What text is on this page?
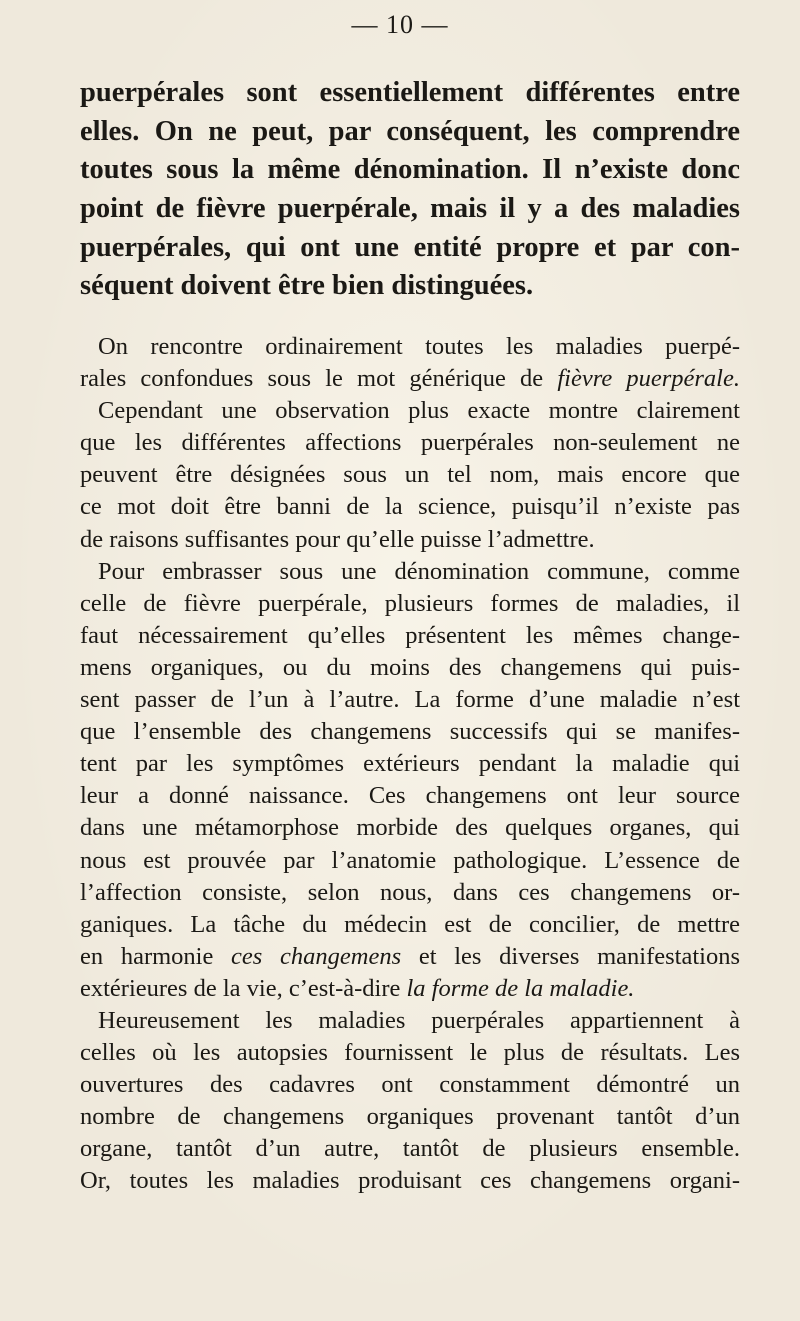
— 10 —
puerpérales sont essentiellement différentes entre
elles. On ne peut, par conséquent, les comprendre
toutes sous la même dénomination. Il n’existe donc
point de fièvre puerpérale, mais il y a des maladies
puerpérales, qui ont une entité propre et par con-
séquent doivent être bien distinguées.
On rencontre ordinairement toutes les maladies puerpé-
rales confondues sous le mot générique de fièvre puerpérale.
Cependant une observation plus exacte montre clairement
que les différentes affections puerpérales non-seulement ne
peuvent être désignées sous un tel nom, mais encore que
ce mot doit être banni de la science, puisqu’il n’existe pas
de raisons suffisantes pour qu’elle puisse l’admettre.
Pour embrasser sous une dénomination commune, comme
celle de fièvre puerpérale, plusieurs formes de maladies, il
faut nécessairement qu’elles présentent les mêmes change-
mens organiques, ou du moins des changemens qui puis-
sent passer de l’un à l’autre. La forme d’une maladie n’est
que l’ensemble des changemens successifs qui se manifes-
tent par les symptômes extérieurs pendant la maladie qui
leur a donné naissance. Ces changemens ont leur source
dans une métamorphose morbide des quelques organes, qui
nous est prouvée par l’anatomie pathologique. L’essence de
l’affection consiste, selon nous, dans ces changemens or-
ganiques. La tâche du médecin est de concilier, de mettre
en harmonie ces changemens et les diverses manifestations
extérieures de la vie, c’est-à-dire la forme de la maladie.
Heureusement les maladies puerpérales appartiennent à
celles où les autopsies fournissent le plus de résultats. Les
ouvertures des cadavres ont constamment démontré un
nombre de changemens organiques provenant tantôt d’un
organe, tantôt d’un autre, tantôt de plusieurs ensemble.
Or, toutes les maladies produisant ces changemens organi-
